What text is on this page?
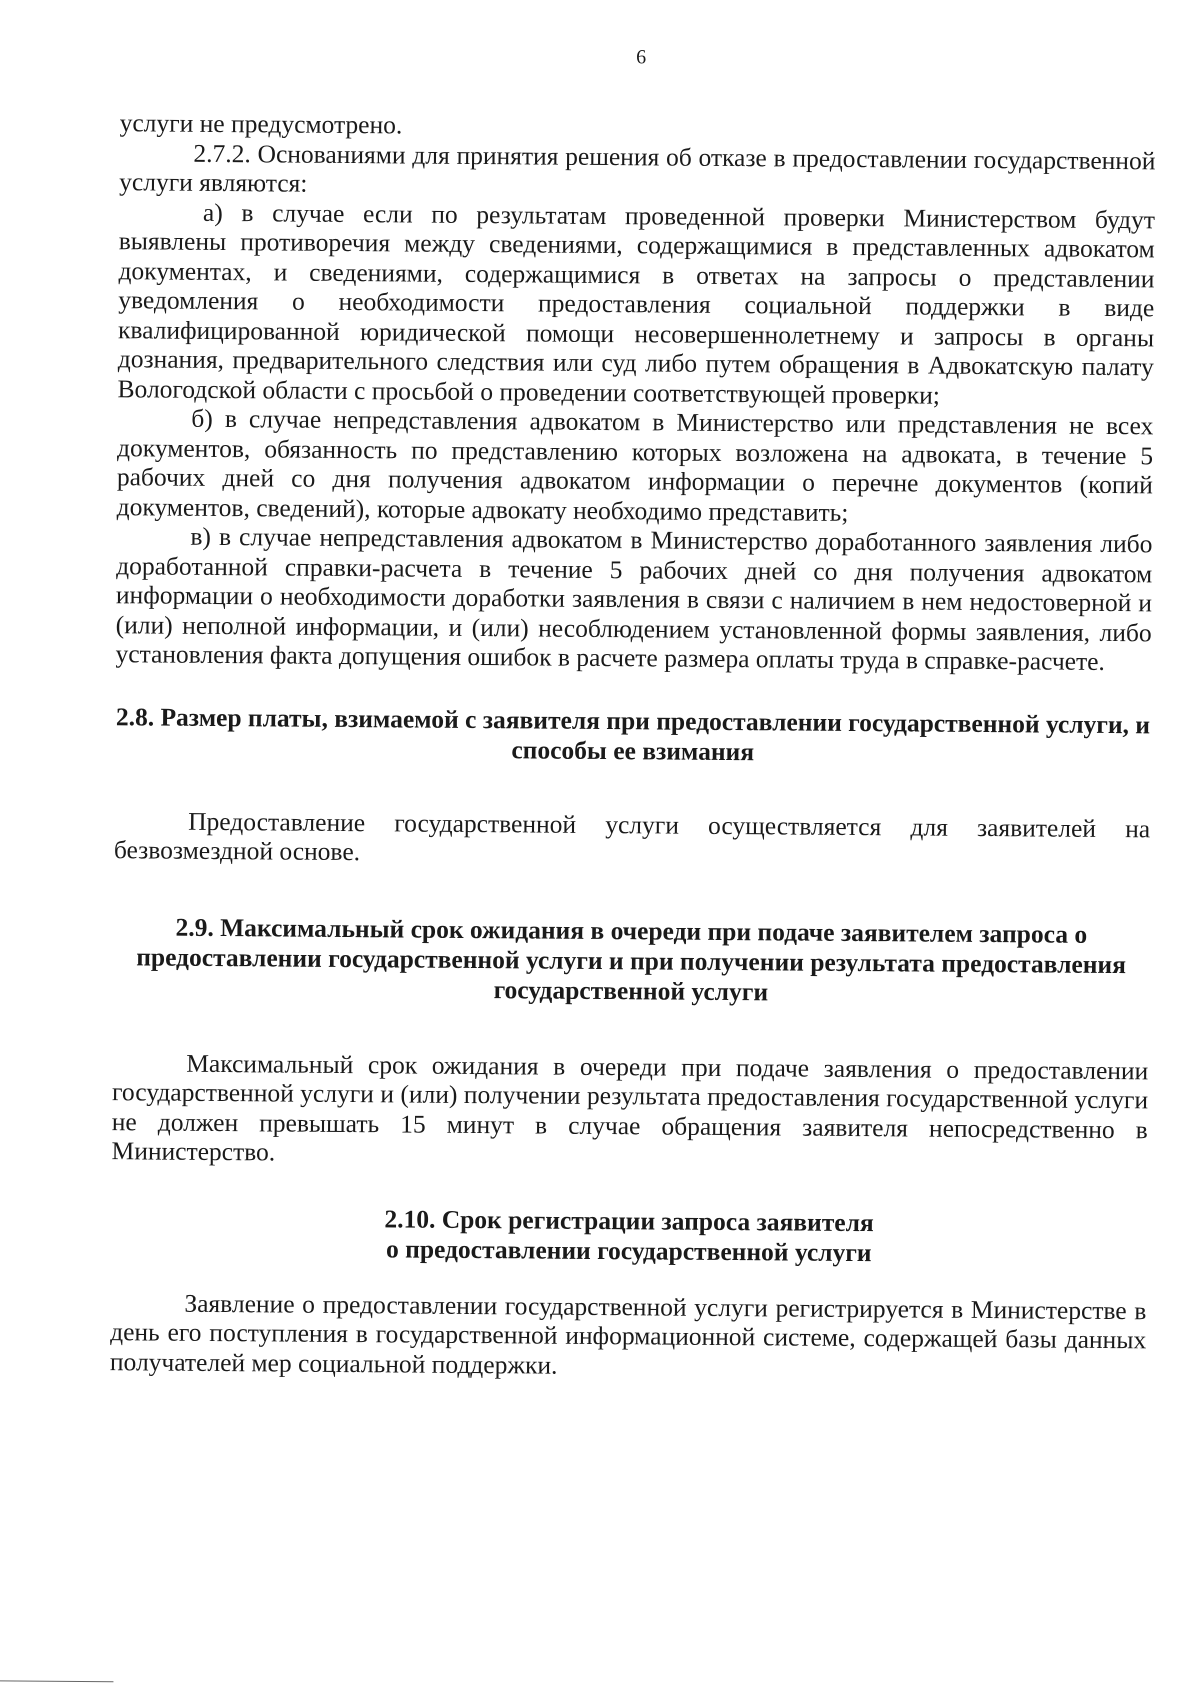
6

услуги не предусмотрено.

2.7.2. Основаниями для принятия решения об отказе в предоставлении государственной услуги являются:

а) в случае если по результатам проведенной проверки Министерством будут выявлены противоречия между сведениями, содержащимися в представленных адвокатом документах, и сведениями, содержащимися в ответах на запросы о представлении уведомления о необходимости предоставления социальной поддержки в виде квалифицированной юридической помощи несовершеннолетнему и запросы в органы дознания, предварительного следствия или суд либо путем обращения в Адвокатскую палату Вологодской области с просьбой о проведении соответствующей проверки;

б) в случае непредставления адвокатом в Министерство или представления не всех документов, обязанность по представлению которых возложена на адвоката, в течение 5 рабочих дней со дня получения адвокатом информации о перечне документов (копий документов, сведений), которые адвокату необходимо представить;

в) в случае непредставления адвокатом в Министерство доработанного заявления либо доработанной справки-расчета в течение 5 рабочих дней со дня получения адвокатом информации о необходимости доработки заявления в связи с наличием в нем недостоверной и (или) неполной информации, и (или) несоблюдением установленной формы заявления, либо установления факта допущения ошибок в расчете размера оплаты труда в справке-расчете.

2.8. Размер платы, взимаемой с заявителя при предоставлении государственной услуги, и способы ее взимания

Предоставление государственной услуги осуществляется для заявителей на безвозмездной основе.

2.9. Максимальный срок ожидания в очереди при подаче заявителем запроса о предоставлении государственной услуги и при получении результата предоставления государственной услуги

Максимальный срок ожидания в очереди при подаче заявления о предоставлении государственной услуги и (или) получении результата предоставления государственной услуги не должен превышать 15 минут в случае обращения заявителя непосредственно в Министерство.

2.10. Срок регистрации запроса заявителя
о предоставлении государственной услуги

Заявление о предоставлении государственной услуги регистрируется в Министерстве в день его поступления в государственной информационной системе, содержащей базы данных получателей мер социальной поддержки.
